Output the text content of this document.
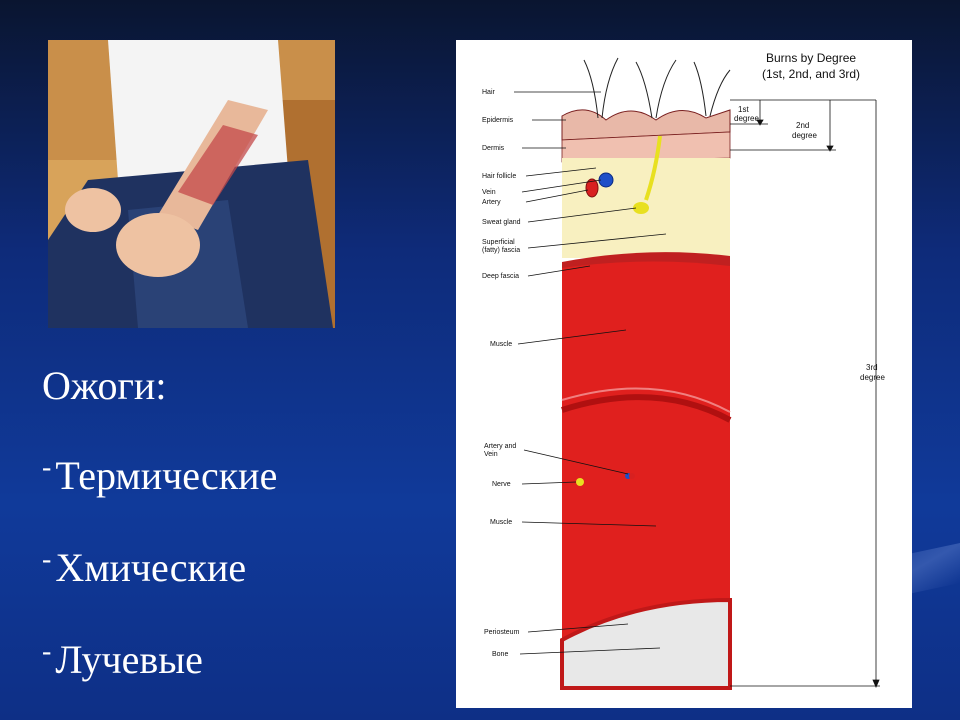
Ожоги:
- Термические
- Хмические
- Лучевые
Burns by Degree
(1st, 2nd, and 3rd)
Hair
Epidermis
Dermis
Hair follicle
Vein
Artery
Sweat gland
Superficial
(fatty) fascia
Deep fascia
Muscle
Artery and
Vein
Nerve
Muscle
Periosteum
Bone
1st
degree
2nd
degree
3rd
degree
